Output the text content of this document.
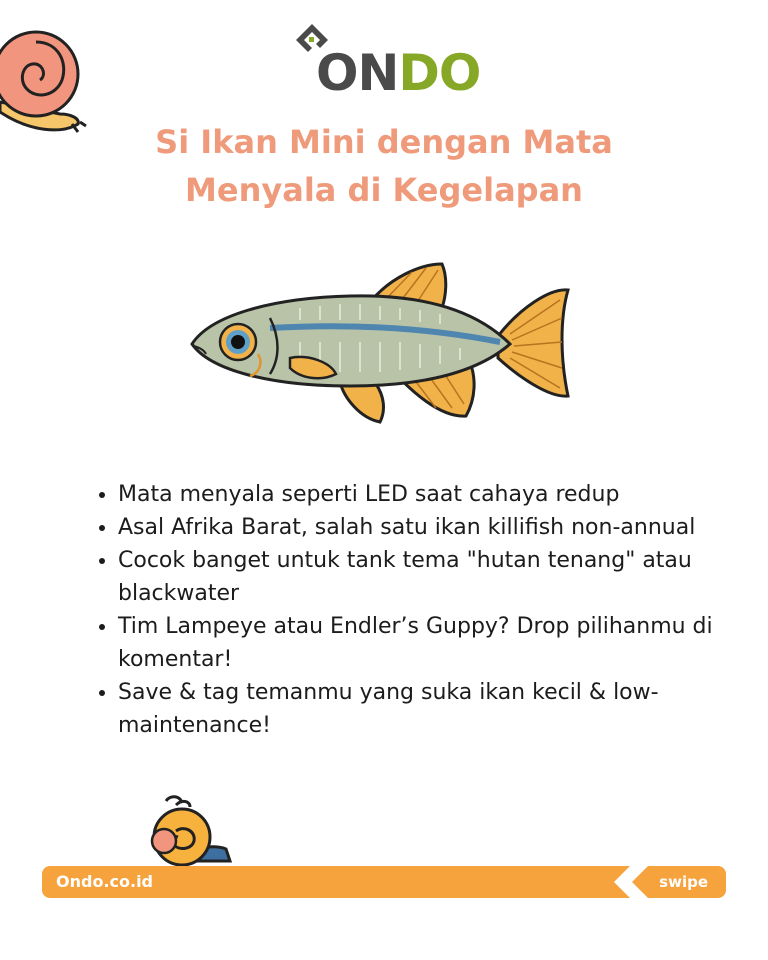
ONDO
Si Ikan Mini dengan Mata
Menyala di Kegelapan
• Mata menyala seperti LED saat cahaya redup
• Asal Afrika Barat, salah satu ikan killifish non-annual
• Cocok banget untuk tank tema "hutan tenang" atau blackwater
• Tim Lampeye atau Endler’s Guppy? Drop pilihanmu di komentar!
• Save & tag temanmu yang suka ikan kecil & low-maintenance!
Ondo.co.id	swipe
